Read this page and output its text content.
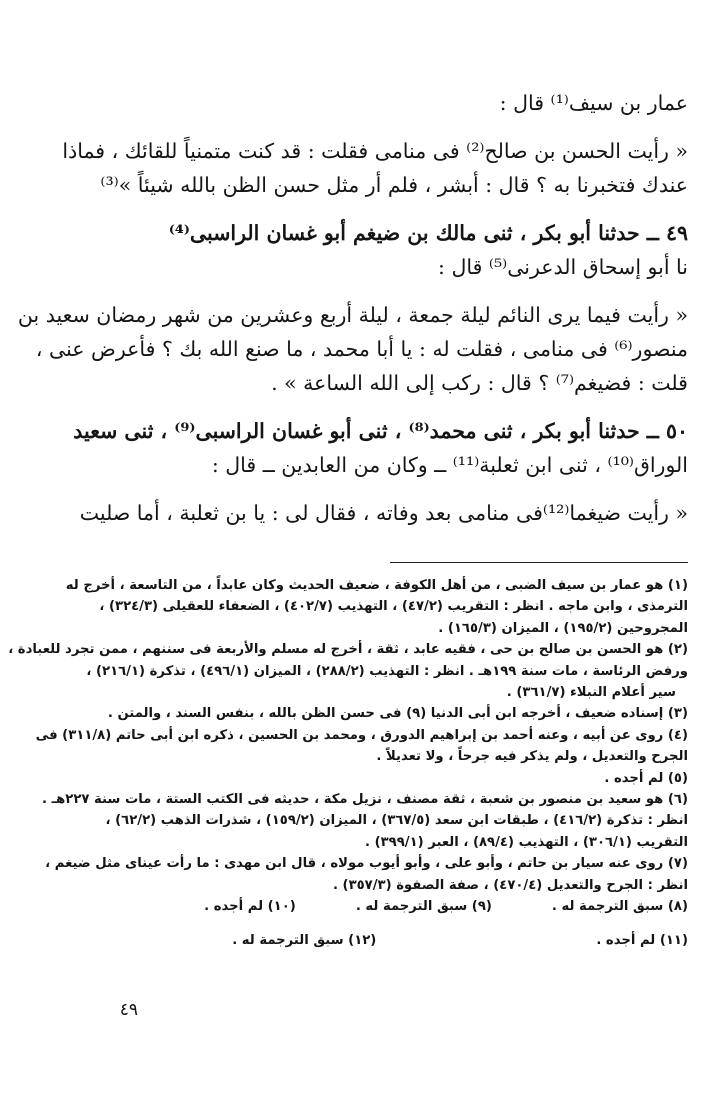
عمار بن سيف⁽¹⁾ قال :

« رأيت الحسن بن صالح⁽²⁾ فى منامى فقلت : قد كنت متمنياً للقائك ، فماذا
عندك فتخبرنا به ؟ قال : أبشر ، فلم أر مثل حسن الظن بالله شيئاً »⁽³⁾

٤٩ ــ حدثنا أبو بكر ، ثنى مالك بن ضيغم أبو غسان الراسبى⁽⁴⁾
نا أبو إسحاق الدعرنى⁽⁵⁾ قال :

« رأيت فيما يرى النائم ليلة جمعة ، ليلة أربع وعشرين من شهر رمضان سعيد بن
منصور⁽⁶⁾ فى منامى ، فقلت له : يا أبا محمد ، ما صنع الله بك ؟ فأعرض عنى ،
قلت : فضيغم⁽⁷⁾ ؟ قال : ركب إلى الله الساعة » .

٥٠ ــ حدثنا أبو بكر ، ثنى محمد⁽⁸⁾ ، ثنى أبو غسان الراسبى⁽⁹⁾ ، ثنى سعيد
الوراق⁽¹⁰⁾ ، ثنى ابن ثعلبة⁽¹¹⁾ ــ وكان من العابدين ــ قال :

« رأيت ضيغما⁽¹²⁾فى منامى بعد وفاته ، فقال لى : يا بن ثعلبة ، أما صليت

(١) هو عمار بن سيف الضبى ، من أهل الكوفة ، ضعيف الحديث وكان عابداً ، من التاسعة ، أخرج له

الترمذى ، وابن ماجه . انظر : التقريب (٤٧/٢) ، التهذيب (٤٠٢/٧) ، الضعفاء للعقيلى (٣٢٤/٣) ،

المجروحين (١٩٥/٢) ، الميزان (١٦٥/٣) .

(٢) هو الحسن بن صالح بن حى ، فقيه عابد ، ثقة ، أخرج له مسلم والأربعة فى سننهم ، ممن تجرد للعبادة ،

ورفض الرئاسة ، مات سنة ١٩٩هـ . انظر : التهذيب (٢٨٨/٢) ، الميزان (٤٩٦/١) ، تذكرة (٢١٦/١) ،

سير أعلام النبلاء (٣٦١/٧) .

(٣) إسناده ضعيف ، أخرجه ابن أبى الدنيا (٩) فى حسن الظن بالله ، بنفس السند ، والمتن .

(٤) روى عن أبيه ، وعنه أحمد بن إبراهيم الدورق ، ومحمد بن الحسين ، ذكره ابن أبى حاتم (٣١١/٨) فى

الجرح والتعديل ، ولم يذكر فيه جرحاً ، ولا تعديلاً .

(٥) لم أجده .

(٦) هو سعيد بن منصور بن شعبة ، ثقة مصنف ، نزيل مكة ، حديثه فى الكتب الستة ، مات سنة ٢٢٧هـ .

انظر : تذكرة (٤١٦/٢) ، طبقات ابن سعد (٣٦٧/٥) ، الميزان (١٥٩/٢) ، شذرات الذهب (٦٢/٢) ،

التقريب (٣٠٦/١) ، التهذيب (٨٩/٤) ، العبر (٣٩٩/١) .

(٧) روى عنه سيار بن حاتم ، وأبو على ، وأبو أيوب مولاه ، قال ابن مهدى : ما رأت عيناى مثل ضيغم ،

انظر : الجرح والتعديل (٤٧٠/٤) ، صفة الصفوة (٣٥٧/٣) .

(٨) سبق الترجمة له .
(٩) سبق الترجمة له .
(١٠) لم أجده .
(١١) لم أجده .
(١٢) سبق الترجمة له .
٤٩
